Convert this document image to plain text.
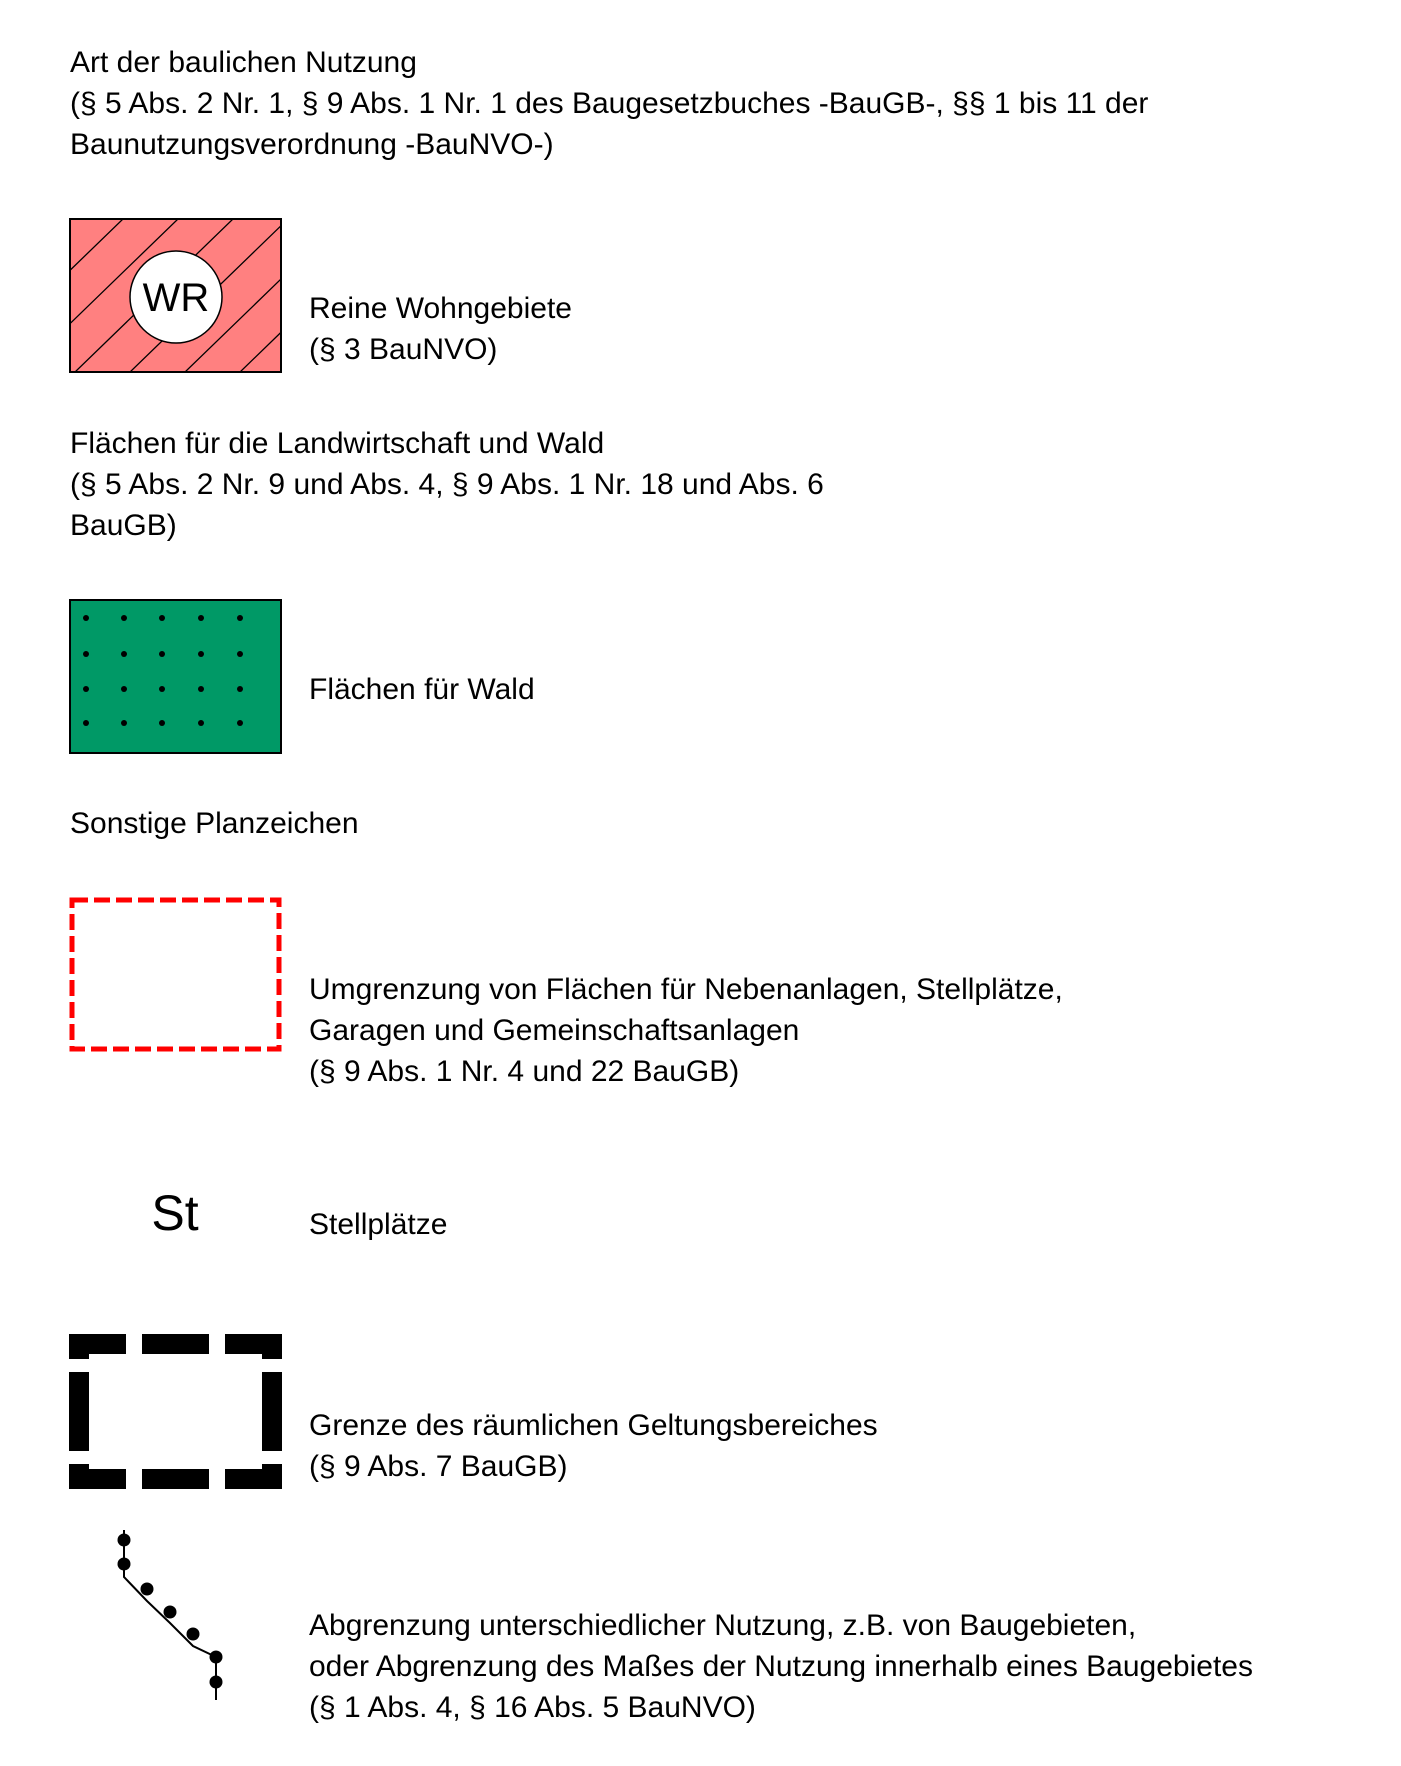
Art der baulichen Nutzung
(§ 5 Abs. 2 Nr. 1, § 9 Abs. 1 Nr. 1 des Baugesetzbuches -BauGB-, §§ 1 bis 11 der
Baunutzungsverordnung -BauNVO-)
WR	Reine Wohngebiete
(§ 3 BauNVO)
Flächen für die Landwirtschaft und Wald
(§ 5 Abs. 2 Nr. 9 und Abs. 4, § 9 Abs. 1 Nr. 18 und Abs. 6
BauGB)
Flächen für Wald
Sonstige Planzeichen
Umgrenzung von Flächen für Nebenanlagen, Stellplätze,
Garagen und Gemeinschaftsanlagen
(§ 9 Abs. 1 Nr. 4 und 22 BauGB)
St	Stellplätze
Grenze des räumlichen Geltungsbereiches
(§ 9 Abs. 7 BauGB)
Abgrenzung unterschiedlicher Nutzung, z.B. von Baugebieten,
oder Abgrenzung des Maßes der Nutzung innerhalb eines Baugebietes
(§ 1 Abs. 4, § 16 Abs. 5 BauNVO)
